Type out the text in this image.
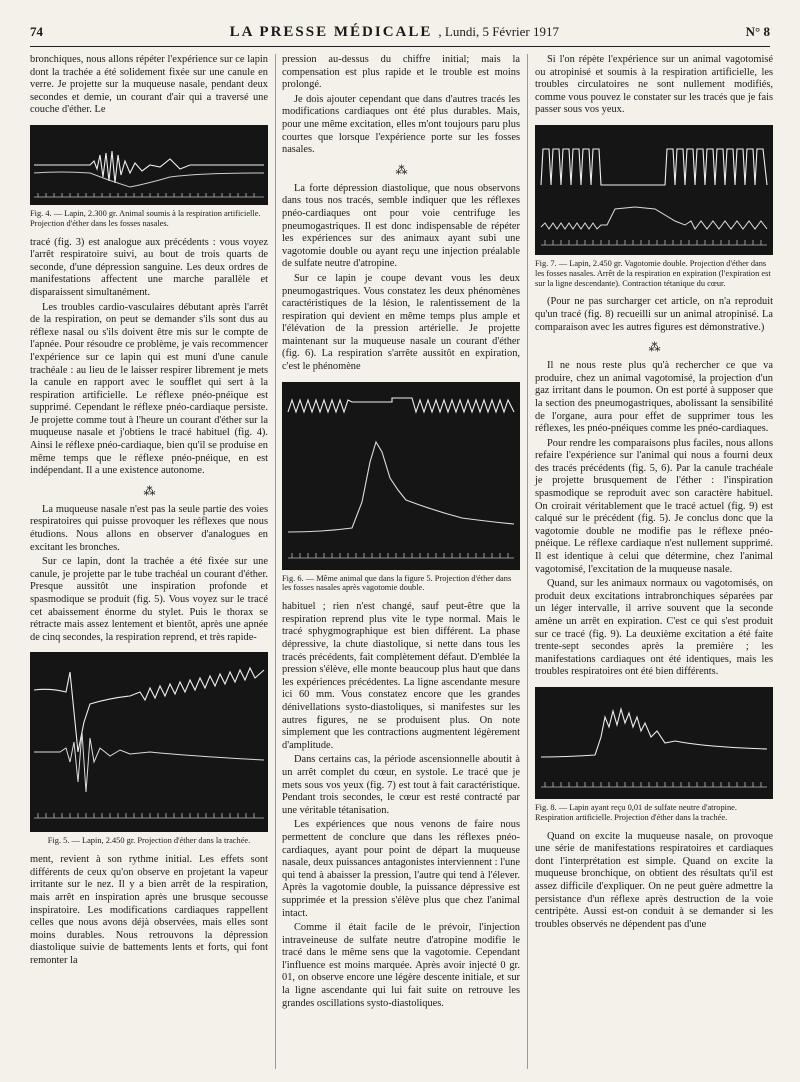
74	LA PRESSE MÉDICALE , Lundi, 5 Février 1917	N° 8

bronchiques, nous allons répéter l'expérience sur ce lapin dont la trachée a été solidement fixée sur une canule en verre. Je projette sur la muqueuse nasale, pendant deux secondes et demie, un courant d'air qui a traversé une couche d'éther. Le

Fig. 4. — Lapin, 2.300 gr. Animal soumis à la respiration artificielle. Projection d'éther dans les fosses nasales.

tracé (fig. 3) est analogue aux précédents : vous voyez l'arrêt respiratoire suivi, au bout de trois quarts de seconde, d'une dépression sanguine. Les deux ordres de manifestations affectent une marche parallèle et disparaissent simultanément.

Les troubles cardio-vasculaires débutant après l'arrêt de la respiration, on peut se demander s'ils sont dus au réflexe nasal ou s'ils doivent être mis sur le compte de l'apnée. Pour résoudre ce problème, je vais recommencer l'expérience sur ce lapin qui est muni d'une canule trachéale : au lieu de le laisser respirer librement je mets la canule en rapport avec le soufflet qui sert à la respiration artificielle. Le réflexe pnéo-pnéique est supprimé. Cependant le réflexe pnéo-cardiaque persiste. Je projette comme tout à l'heure un courant d'éther sur la muqueuse nasale et j'obtiens le tracé habituel (fig. 4). Ainsi le réflexe pnéo-cardiaque, bien qu'il se produise en même temps que le réflexe pnéo-pnéique, en est indépendant. Il a une existence autonome.

⁂

La muqueuse nasale n'est pas la seule partie des voies respiratoires qui puisse provoquer les réflexes que nous étudions. Nous allons en observer d'analogues en excitant les bronches.

Sur ce lapin, dont la trachée a été fixée sur une canule, je projette par le tube trachéal un courant d'éther. Presque aussitôt une inspiration profonde et spasmodique se produit (fig. 5). Vous voyez sur le tracé cet abaissement énorme du stylet. Puis le thorax se rétracte mais assez lentement et bientôt, après une apnée de cinq secondes, la respiration reprend, et très rapide-

Fig. 5. — Lapin, 2.450 gr. Projection d'éther dans la trachée.

ment, revient à son rythme initial. Les effets sont différents de ceux qu'on observe en projetant la vapeur irritante sur le nez. Il y a bien arrêt de la respiration, mais arrêt en inspiration après une brusque secousse inspiratoire. Les modifications cardiaques rappellent celles que nous avons déjà observées, mais elles sont moins durables. Nous retrouvons la dépression diastolique suivie de battements lents et forts, qui font remonter la

pression au-dessus du chiffre initial; mais la compensation est plus rapide et le trouble est moins prolongé.

Je dois ajouter cependant que dans d'autres tracés les modifications cardiaques ont été plus durables. Mais, pour une même excitation, elles m'ont toujours paru plus courtes que lorsque l'expérience porte sur les fosses nasales.

⁂

La forte dépression diastolique, que nous observons dans tous nos tracés, semble indiquer que les réflexes pnéo-cardiaques ont pour voie centrifuge les pneumogastriques. Il est donc indispensable de répéter les expériences sur des animaux ayant subi une vagotomie double ou ayant reçu une injection préalable de sulfate neutre d'atropine.

Sur ce lapin je coupe devant vous les deux pneumogastriques. Vous constatez les deux phénomènes caractéristiques de la lésion, le ralentissement de la respiration qui devient en même temps plus ample et l'élévation de la pression artérielle. Je projette maintenant sur la muqueuse nasale un courant d'éther (fig. 6). La respiration s'arrête aussitôt en expiration, c'est le phénomène

Fig. 6. — Même animal que dans la figure 5. Projection d'éther dans les fosses nasales après vagotomie double.

habituel ; rien n'est changé, sauf peut-être que la respiration reprend plus vite le type normal. Mais le tracé sphygmographique est bien différent. La phase dépressive, la chute diastolique, si nette dans tous les tracés précédents, fait complètement défaut. D'emblée la pression s'élève, elle monte beaucoup plus haut que dans les expériences précédentes. La ligne ascendante mesure ici 60 mm. Vous constatez encore que les grandes dénivellations systo-diastoliques, si manifestes sur les autres figures, ne se produisent plus. On note simplement que les contractions augmentent légèrement d'amplitude.

Dans certains cas, la période ascensionnelle aboutit à un arrêt complet du cœur, en systole. Le tracé que je mets sous vos yeux (fig. 7) est tout à fait caractéristique. Pendant trois secondes, le cœur est resté contracté par une véritable tétanisation.

Les expériences que nous venons de faire nous permettent de conclure que dans les réflexes pnéo-cardiaques, ayant pour point de départ la muqueuse nasale, deux puissances antagonistes interviennent : l'une qui tend à abaisser la pression, l'autre qui tend à l'élever. Après la vagotomie double, la puissance dépressive est supprimée et la pression s'élève plus que chez l'animal intact.

Comme il était facile de le prévoir, l'injection intraveineuse de sulfate neutre d'atropine modifie le tracé dans le même sens que la vagotomie. Cependant l'influence est moins marquée. Après avoir injecté 0 gr. 01, on observe encore une légère descente initiale, et sur la ligne ascendante qui lui fait suite on retrouve les grandes oscillations systo-diastoliques.

Si l'on répète l'expérience sur un animal vagotomisé ou atropinisé et soumis à la respiration artificielle, les troubles circulatoires ne sont nullement modifiés, comme vous pouvez le constater sur les tracés que je fais passer sous vos yeux.

Fig. 7. — Lapin, 2.450 gr. Vagotomie double. Projection d'éther dans les fosses nasales. Arrêt de la respiration en expiration (l'expiration est sur la ligne descendante). Contraction tétanique du cœur.

(Pour ne pas surcharger cet article, on n'a reproduit qu'un tracé (fig. 8) recueilli sur un animal atropinisé. La comparaison avec les autres figures est démonstrative.)

⁂

Il ne nous reste plus qu'à rechercher ce que va produire, chez un animal vagotomisé, la projection d'un gaz irritant dans le poumon. On est porté à supposer que la section des pneumogastriques, abolissant la sensibilité de l'organe, aura pour effet de supprimer tous les réflexes, les pnéo-pnéiques comme les pnéo-cardiaques.

Pour rendre les comparaisons plus faciles, nous allons refaire l'expérience sur l'animal qui nous a fourni deux des tracés précédents (fig. 5, 6). Par la canule trachéale je projette brusquement de l'éther : l'inspiration spasmodique se reproduit avec son caractère habituel. On croirait véritablement que le tracé actuel (fig. 9) est calqué sur le précédent (fig. 5). Je conclus donc que la vagotomie double ne modifie pas le réflexe pnéo-pnéique. Le réflexe cardiaque n'est nullement supprimé. Il est identique à celui que détermine, chez l'animal vagotomisé, l'excitation de la muqueuse nasale.

Quand, sur les animaux normaux ou vagotomisés, on produit deux excitations intrabronchiques séparées par un léger intervalle, il arrive souvent que la seconde amène un arrêt en expiration. C'est ce qui s'est produit sur ce tracé (fig. 9). La deuxième excitation a été faite trente-sept secondes après la première ; les manifestations cardiaques ont été identiques, mais les troubles respiratoires ont été bien différents.

Fig. 8. — Lapin ayant reçu 0,01 de sulfate neutre d'atropine. Respiration artificielle. Projection d'éther dans la trachée.

Quand on excite la muqueuse nasale, on provoque une série de manifestations respiratoires et cardiaques dont l'interprétation est simple. Quand on excite la muqueuse bronchique, on obtient des résultats qu'il est assez difficile d'expliquer. On ne peut guère admettre la persistance d'un réflexe après destruction de la voie centripète. Aussi est-on conduit à se demander si les troubles observés ne dépendent pas d'une
